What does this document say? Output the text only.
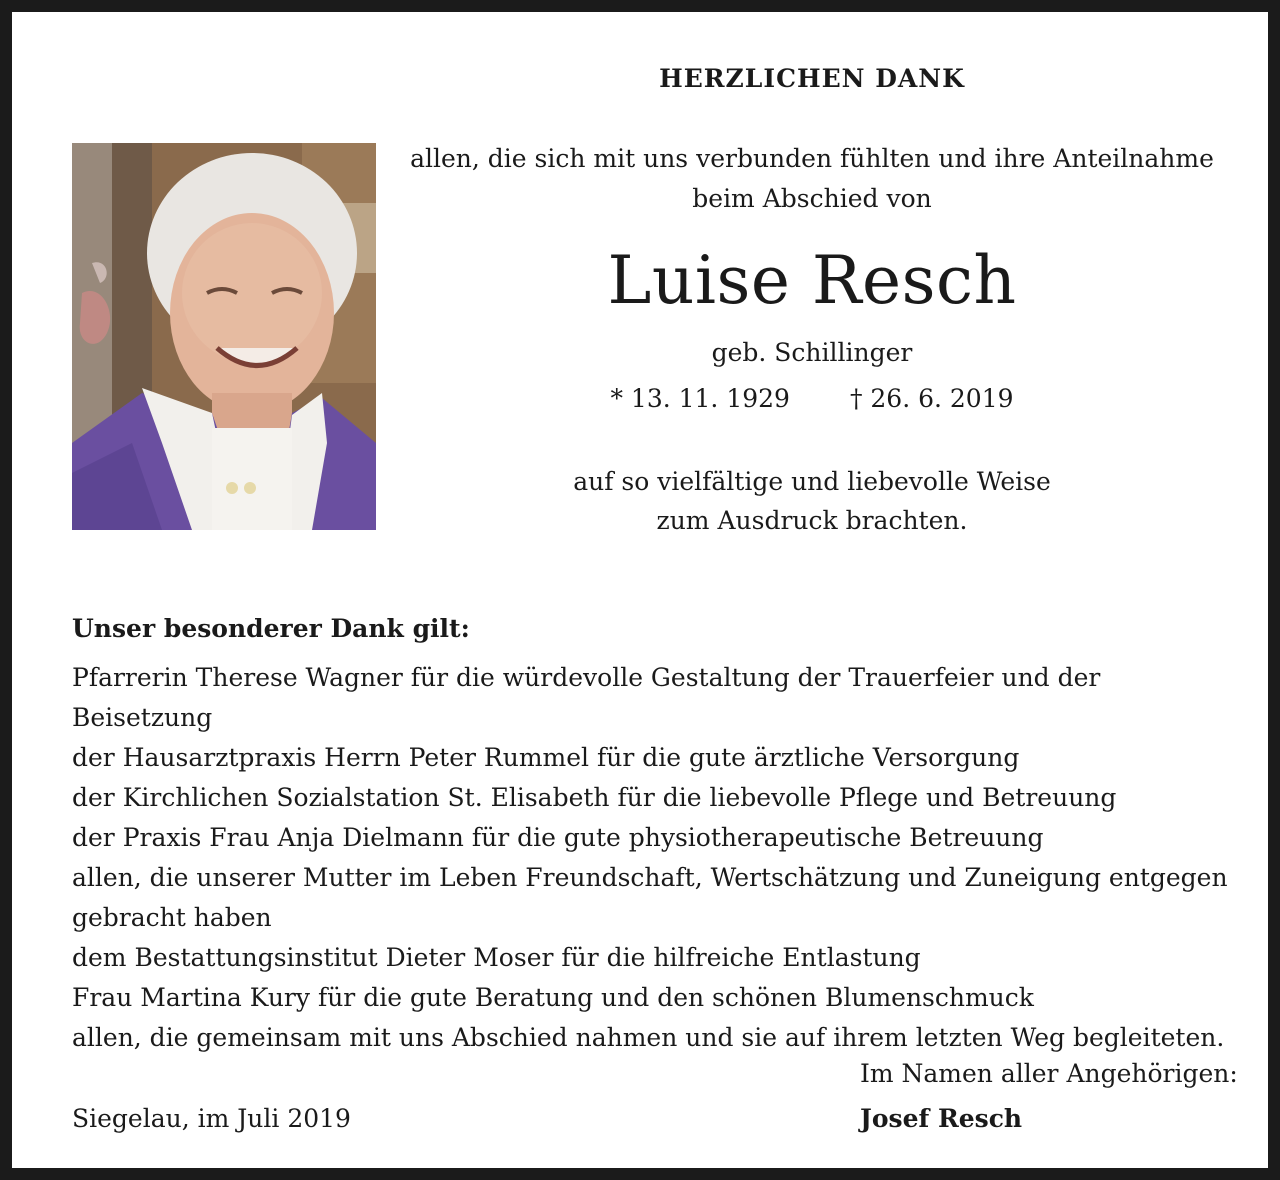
HERZLICHEN DANK
allen, die sich mit uns verbunden fühlten und ihre Anteilnahme
beim Abschied von
Luise Resch
geb. Schillinger
* 13. 11. 1929 † 26. 6. 2019
auf so vielfältige und liebevolle Weise
zum Ausdruck brachten.
Unser besonderer Dank gilt:
Pfarrerin Therese Wagner für die würdevolle Gestaltung der Trauerfeier und der Beisetzung
der Hausarztpraxis Herrn Peter Rummel für die gute ärztliche Versorgung
der Kirchlichen Sozialstation St. Elisabeth für die liebevolle Pflege und Betreuung
der Praxis Frau Anja Dielmann für die gute physiotherapeutische Betreuung
allen, die unserer Mutter im Leben Freundschaft, Wertschätzung und Zuneigung entgegen
gebracht haben
dem Bestattungsinstitut Dieter Moser für die hilfreiche Entlastung
Frau Martina Kury für die gute Beratung und den schönen Blumenschmuck
allen, die gemeinsam mit uns Abschied nahmen und sie auf ihrem letzten Weg begleiteten.
Im Namen aller Angehörigen:
Josef Resch
Siegelau, im Juli 2019
